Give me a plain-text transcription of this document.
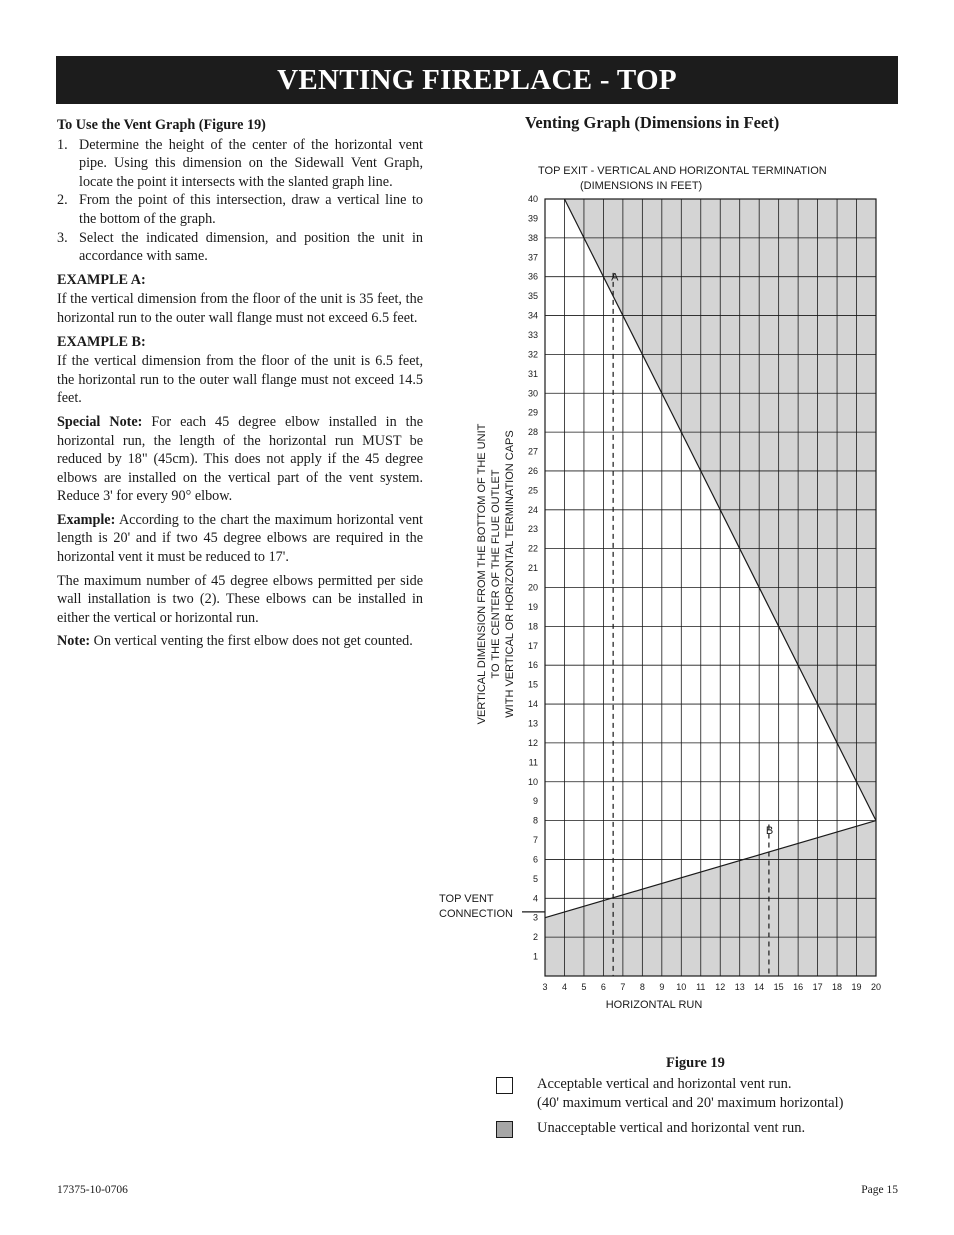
VENTING FIREPLACE - TOP

To Use the Vent Graph (Figure 19)

1. Determine the height of the center of the horizontal vent pipe. Using this dimension on the Sidewall Vent Graph, locate the point it intersects with the slanted graph line.
2. From the point of this intersection, draw a vertical line to the bottom of the graph.
3. Select the indicated dimension, and position the unit in accordance with same.

EXAMPLE A:

If the vertical dimension from the floor of the unit is 35 feet, the horizontal run to the outer wall flange must not exceed 6.5 feet.

EXAMPLE B:

If the vertical dimension from the floor of the unit is 6.5 feet, the horizontal run to the outer wall flange must not exceed 14.5 feet.

Special Note: For each 45 degree elbow installed in the horizontal run, the length of the horizontal run MUST be reduced by 18" (45cm). This does not apply if the 45 degree elbows are installed on the vertical part of the vent system. Reduce 3' for every 90° elbow.

Example: According to the chart the maximum horizontal vent length is 20' and if two 45 degree elbows are required in the horizontal vent it must be reduced to 17'.

The maximum number of 45 degree elbows permitted per side wall installation is two (2). These elbows can be installed in either the vertical or horizontal run.

Note: On vertical venting the first elbow does not get counted.

Venting Graph (Dimensions in Feet)
1
2
3
4
5
6
7
8
9
10
11
12
13
14
15
16
17
18
19
20
21
22
23
24
25
26
27
28
29
30
31
32
33
34
35
36
37
38
39
40
3 4 5 6 7 8 9 10 11 12 13 14 15 16 17 18 19 20
A
B
TOP EXIT - VERTICAL AND HORIZONTAL TERMINATION
(DIMENSIONS IN FEET)
HORIZONTAL RUN
TOP VENT
CONNECTION
VERTICAL DIMENSION FROM THE BOTTOM OF THE UNIT TO THE CENTER OF THE FLUE OUTLET WITH VERTICAL OR HORIZONTAL TERMINATION CAPS
Figure 19
Acceptable vertical and horizontal vent run.
(40' maximum vertical and 20' maximum horizontal)
Unacceptable vertical and horizontal vent run.
17375-10-0706	Page 15
